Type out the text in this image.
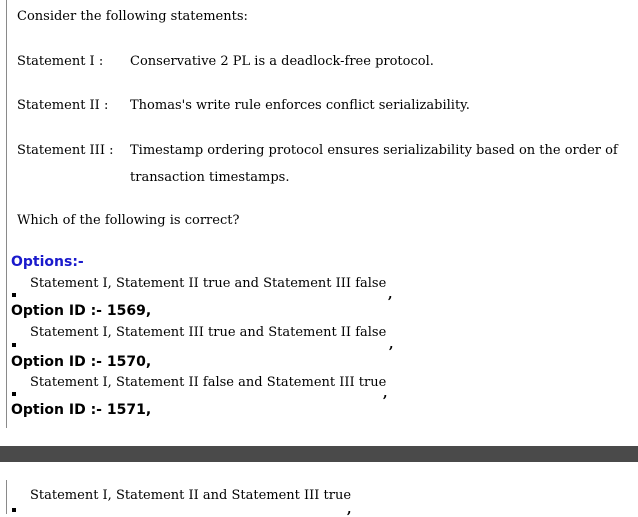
Consider the following statements:
Statement I : Conservative 2 PL is a deadlock-free protocol.
Statement II : Thomas's write rule enforces conflict serializability.
Statement III : Timestamp ordering protocol ensures serializability based on the order of
transaction timestamps.
Which of the following is correct?
Options:-
Statement I, Statement II true and Statement III false
,
Option ID :- 1569,
Statement I, Statement III true and Statement II false
,
Option ID :- 1570,
Statement I, Statement II false and Statement III true
,
Option ID :- 1571,
Statement I, Statement II and Statement III true
,
